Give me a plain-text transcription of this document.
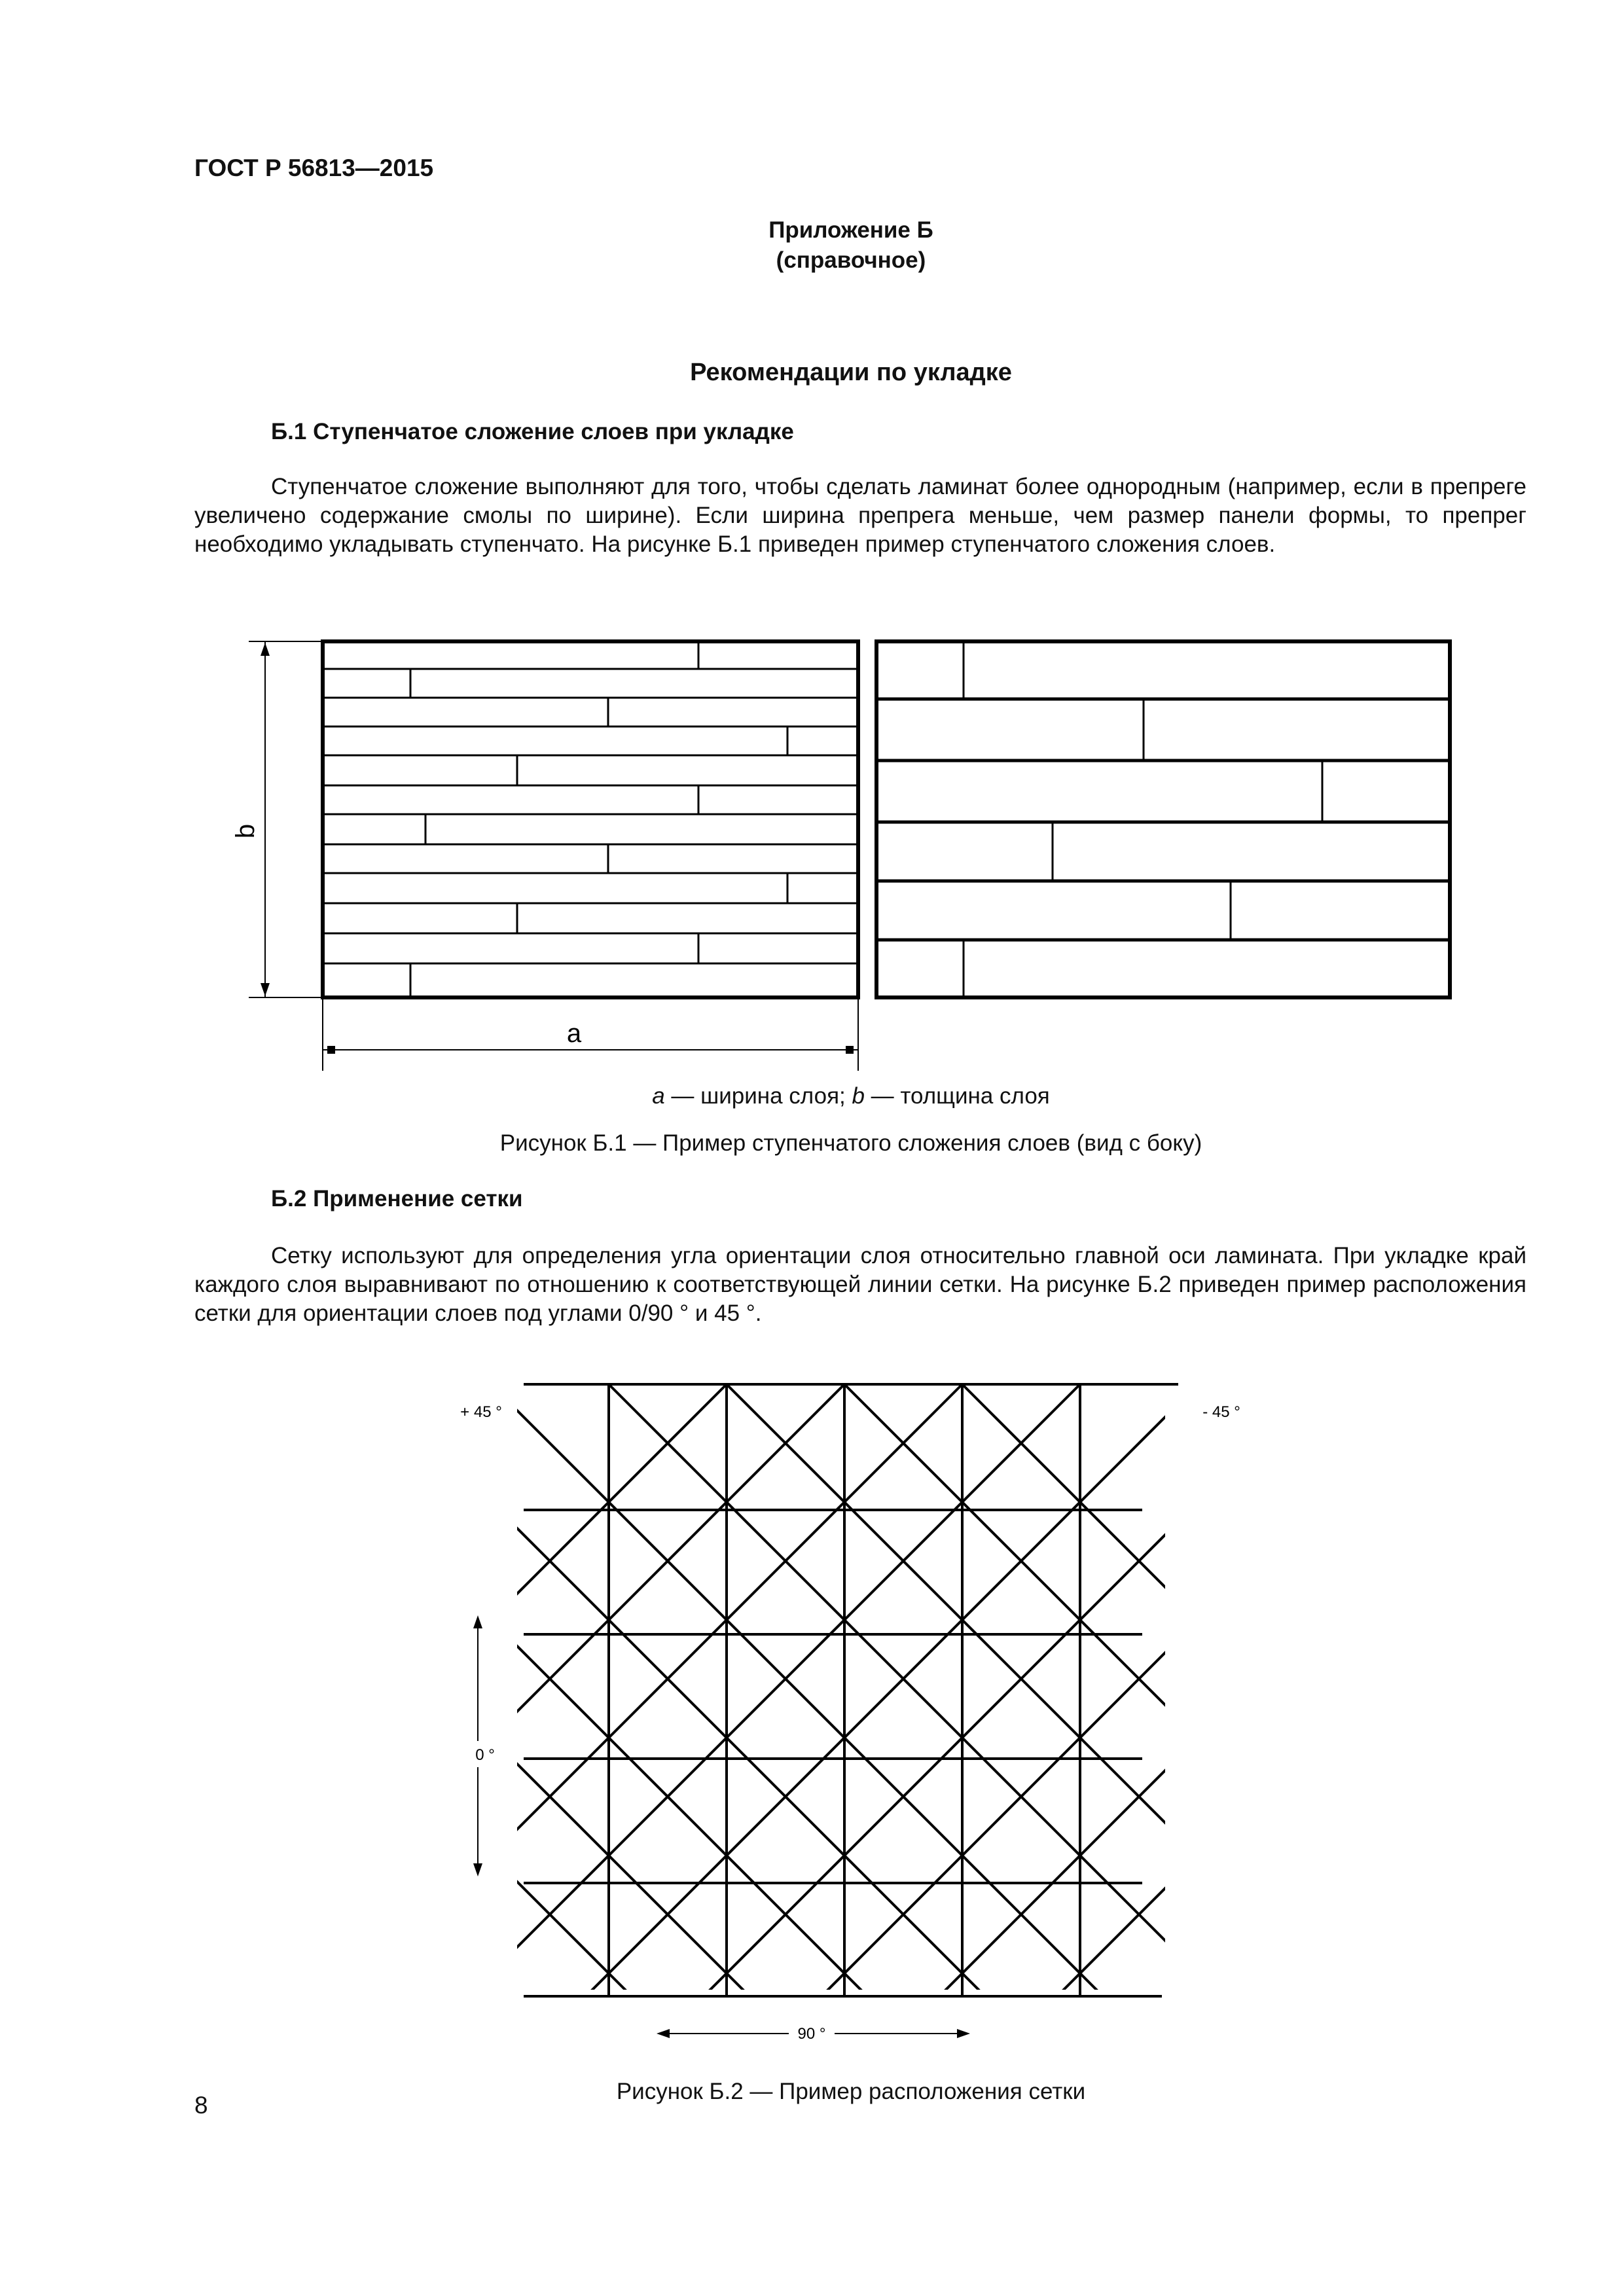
ГОСТ Р 56813—2015
Приложение Б
(справочное)
Рекомендации по укладке
Б.1 Ступенчатое сложение слоев при укладке

Ступенчатое сложение выполняют для того, чтобы сделать ламинат более однородным (например, если в препреге увеличено содержание смолы по ширине). Если ширина препрега меньше, чем размер панели формы, то препрег необходимо укладывать ступенчато. На рисунке Б.1 приведен пример ступенчатого сложения слоев.

b
а
а — ширина слоя; b — толщина слоя
Рисунок Б.1 — Пример ступенчатого сложения слоев (вид с боку)
Б.2 Применение сетки

Сетку используют для определения угла ориентации слоя относительно главной оси ламината. При укладке край каждого слоя выравнивают по отношению к соответствующей линии сетки. На рисунке Б.2 приведен пример расположения сетки для ориентации слоев под углами 0/90 ° и 45 °.

+ 45 °	- 45 °
0 °
90 °
Рисунок Б.2 — Пример расположения сетки
8
